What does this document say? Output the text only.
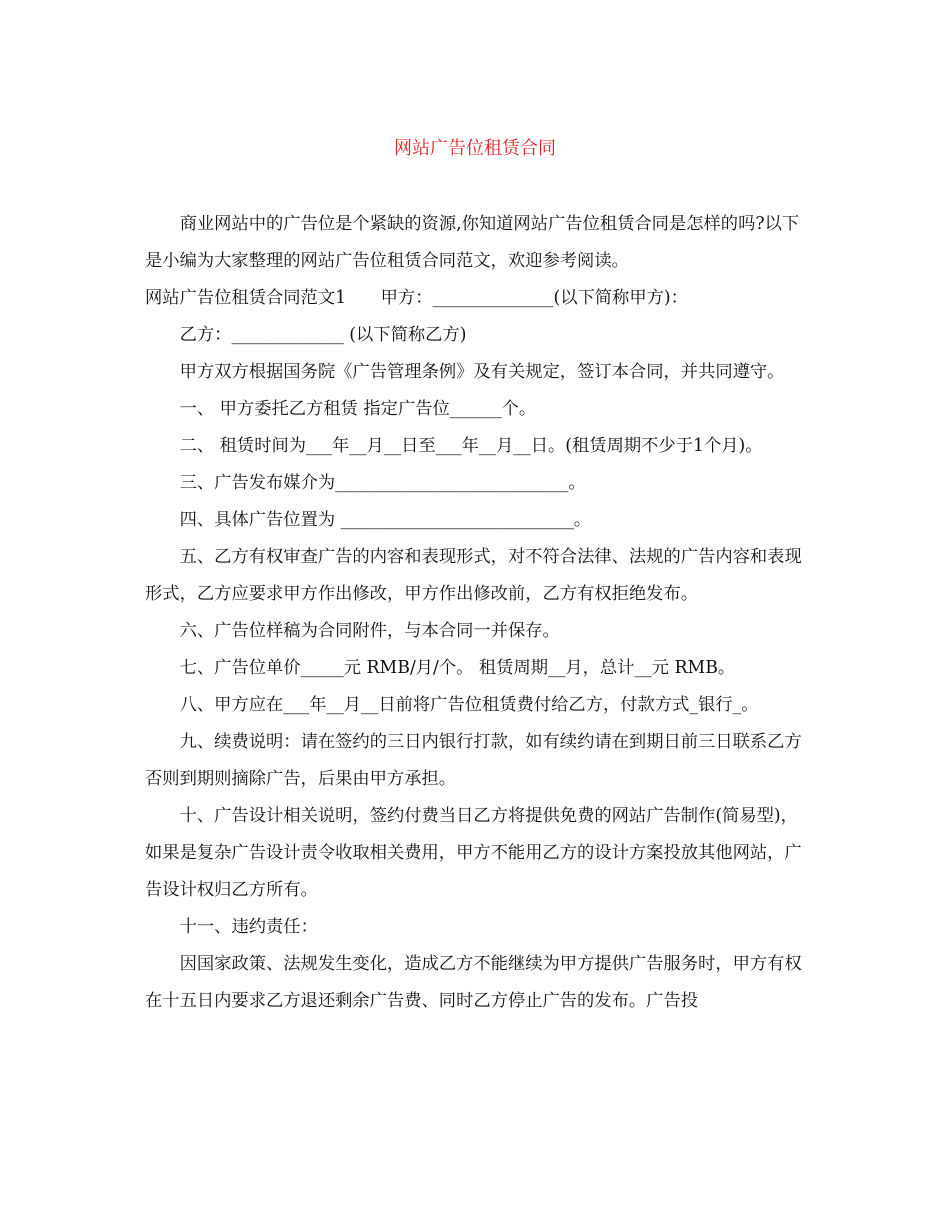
网站广告位租赁合同

商业网站中的广告位是个紧缺的资源,你知道网站广告位租赁合同是怎样的吗?以下是小编为大家整理的网站广告位租赁合同范文，欢迎参考阅读。

网站广告位租赁合同范文1　　甲方：______________(以下简称甲方)：

乙方：_____________ (以下简称乙方)

甲方双方根据国务院《广告管理条例》及有关规定，签订本合同，并共同遵守。

一、 甲方委托乙方租赁 指定广告位______个。

二、 租赁时间为___年__月__日至___年__月__日。(租赁周期不少于1个月)。

三、广告发布媒介为___________________________。

四、具体广告位置为 ___________________________。

五、乙方有权审查广告的内容和表现形式，对不符合法律、法规的广告内容和表现形式，乙方应要求甲方作出修改，甲方作出修改前，乙方有权拒绝发布。

六、广告位样稿为合同附件，与本合同一并保存。

七、广告位单价_____元 RMB/月/个。 租赁周期__月，总计__元 RMB。

八、甲方应在___年__月__日前将广告位租赁费付给乙方，付款方式_银行_。

九、续费说明：请在签约的三日内银行打款，如有续约请在到期日前三日联系乙方否则到期则摘除广告，后果由甲方承担。

十、广告设计相关说明，签约付费当日乙方将提供免费的网站广告制作(简易型)，如果是复杂广告设计责令收取相关费用，甲方不能用乙方的设计方案投放其他网站，广告设计权归乙方所有。

十一、违约责任：

因国家政策、法规发生变化，造成乙方不能继续为甲方提供广告服务时，甲方有权在十五日内要求乙方退还剩余广告费、同时乙方停止广告的发布。广告投
